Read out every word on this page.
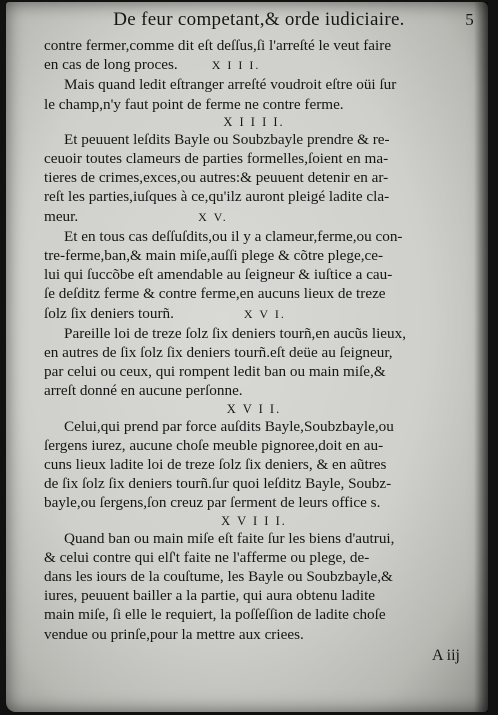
De feur competant,& orde iudiciaire.	5
contre fermer,comme dit eſt deſſus,ſi l'arreſté le veut faire
en cas de long proces.	X I I I.
Mais quand ledit eſtranger arreſté voudroit eſtre oüi ſur
le champ,n'y faut point de ferme ne contre ferme.
X I I I I.
Et peuuent leſdits Bayle ou Soubzbayle prendre & re-
ceuoir toutes clameurs de parties formelles,ſoient en ma-
tieres de crimes,exces,ou autres:& peuuent detenir en ar-
reſt les parties,iuſques à ce,qu'ilz auront pleigé ladite cla-
meur.	X V.
Et en tous cas deſſuſdits,ou il y a clameur,ferme,ou con-
tre-ferme,ban,& main miſe,auſſi plege & cõtre plege,ce-
lui qui ſuccõbe eſt amendable au ſeigneur & iuſtice a cau-
ſe deſditz ferme & contre ferme,en aucuns lieux de treze
ſolz ſix deniers tourñ.	X V I.
Pareille loi de treze ſolz ſix deniers tourñ,en aucũs lieux,
en autres de ſix ſolz ſix deniers tourñ.eſt deüe au ſeigneur,
par celui ou ceux, qui rompent ledit ban ou main miſe,&
arreſt donné en aucune perſonne.
X V I I.
Celui,qui prend par force auſdits Bayle,Soubzbayle,ou
ſergens iurez, aucune choſe meuble pignoree,doit en au-
cuns lieux ladite loi de treze ſolz ſix deniers, & en aũtres
de ſix ſolz ſix deniers tourñ.ſur quoi leſditz Bayle, Soubz-
bayle,ou ſergens,ſon creuz par ſerment de leurs office s.
X V I I I.
Quand ban ou main miſe eſt faite ſur les biens d'autrui,
& celui contre qui elſ't faite ne l'afferme ou plege, de-
dans les iours de la couſtume, les Bayle ou Soubzbayle,&
iures, peuuent bailler a la partie, qui aura obtenu ladite
main miſe, ſi elle le requiert, la poſſeſſion de ladite choſe
vendue ou prinſe,pour la mettre aux criees.
A iij
